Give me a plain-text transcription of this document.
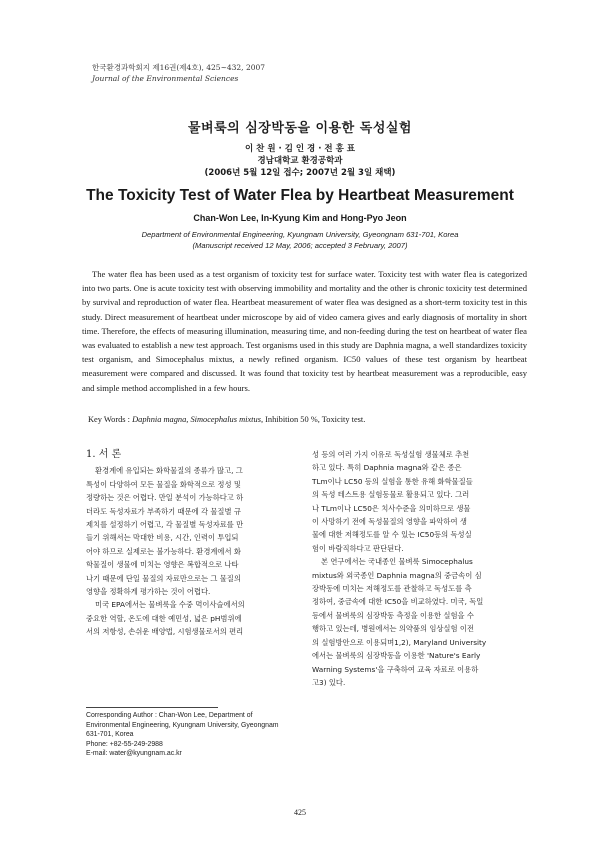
한국환경과학회지 제16권(제4호), 425~432, 2007
Journal of the Environmental Sciences
물벼룩의 심장박동을 이용한 독성실험
이 찬 원 · 김 인 경 · 전 홍 표
경남대학교 환경공학과
(2006년 5월 12일 접수; 2007년 2월 3일 채택)
The Toxicity Test of Water Flea by Heartbeat Measurement
Chan-Won Lee, In-Kyung Kim and Hong-Pyo Jeon
Department of Environmental Engineering, Kyungnam University, Gyeongnam 631-701, Korea
(Manuscript received 12 May, 2006; accepted 3 February, 2007)
The water flea has been used as a test organism of toxicity test for surface water. Toxicity test with water flea is categorized into two parts. One is acute toxicity test with observing immobility and mortality and the other is chronic toxicity test determined by survival and reproduction of water flea. Heartbeat measurement of water flea was designed as a short-term toxicity test in this study. Direct measurement of heartbeat under microscope by aid of video camera gives and early diagnosis of mortality in short time. Therefore, the effects of measuring illumination, measuring time, and non-feeding during the test on heartbeat of water flea was evaluated to establish a new test approach. Test organisms used in this study are Daphnia magna, a well standardizes toxicity test organism, and Simocephalus mixtus, a newly refined organism. IC50 values of these test organism by heartbeat measurement were compared and discussed. It was found that toxicity test by heartbeat measurement was a reproducible, easy and simple method accomplished in a few hours.
Key Words : Daphnia magna, Simocephalus mixtus, Inhibition 50 %, Toxicity test.
1. 서 론
환경계에 유입되는 화학물질의 종류가 많고, 그
특성이 다양하여 모든 물질을 화학적으로 정성 및
정량하는 것은 어렵다. 만일 분석이 가능하다고 하
더라도 독성자료가 부족하기 때문에 각 물질별 규
제치를 설정하기 어렵고, 각 물질별 독성자료를 만
들기 위해서는 막대한 비용, 시간, 인력이 투입되
어야 하므로 실제로는 불가능하다. 환경계에서 화
학물질이 생물에 미치는 영향은 복합적으로 나타
나기 때문에 단일 물질의 자료만으로는 그 물질의
영향을 정확하게 평가하는 것이 어렵다.
미국 EPA에서는 물벼룩을 수중 먹이사슬에서의
중요한 역할, 온도에 대한 예민성, 넓은 pH범위에
서의 저항성, 손쉬운 배양법, 시험생물로서의 편리
성 등의 여러 가지 이유로 독성실험 생물체로 추천
하고 있다. 특히 Daphnia magna와 같은 종은
TLm이나 LC50 등의 실험을 통한 유해 화학물질들
의 독성 테스트용 실험동물로 활용되고 있다. 그러
나 TLm이나 LC50은 치사수준을 의미하므로 생물
이 사망하기 전에 독성물질의 영향을 파악하여 생
물에 대한 저해정도를 알 수 있는 IC50등의 독성실
험이 바람직하다고 판단된다.
본 연구에서는 국내종인 물벼룩 Simocephalus
mixtus와 외국종인 Daphnia magna의 중금속이 심
장박동에 미치는 저해정도를 관찰하고 독성도를 측
정하여, 중금속에 대한 IC50을 비교하였다. 미국, 독일
등에서 물벼룩의 심장박동 측정을 이용한 실험을 수
행하고 있는데, 병원에서는 의약품의 임상실험 이전
의 실험방안으로 이용되며1,2), Maryland University
에서는 물벼룩의 심장박동을 이용한 'Nature's Early
Warning Systems'을 구축하여 교육 자료로 이용하
고3) 있다.
Corresponding Author : Chan-Won Lee, Department of
Environmental Engineering, Kyungnam University, Gyeongnam
631-701, Korea
Phone: +82-55-249-2988
E-mail: water@kyungnam.ac.kr
425
